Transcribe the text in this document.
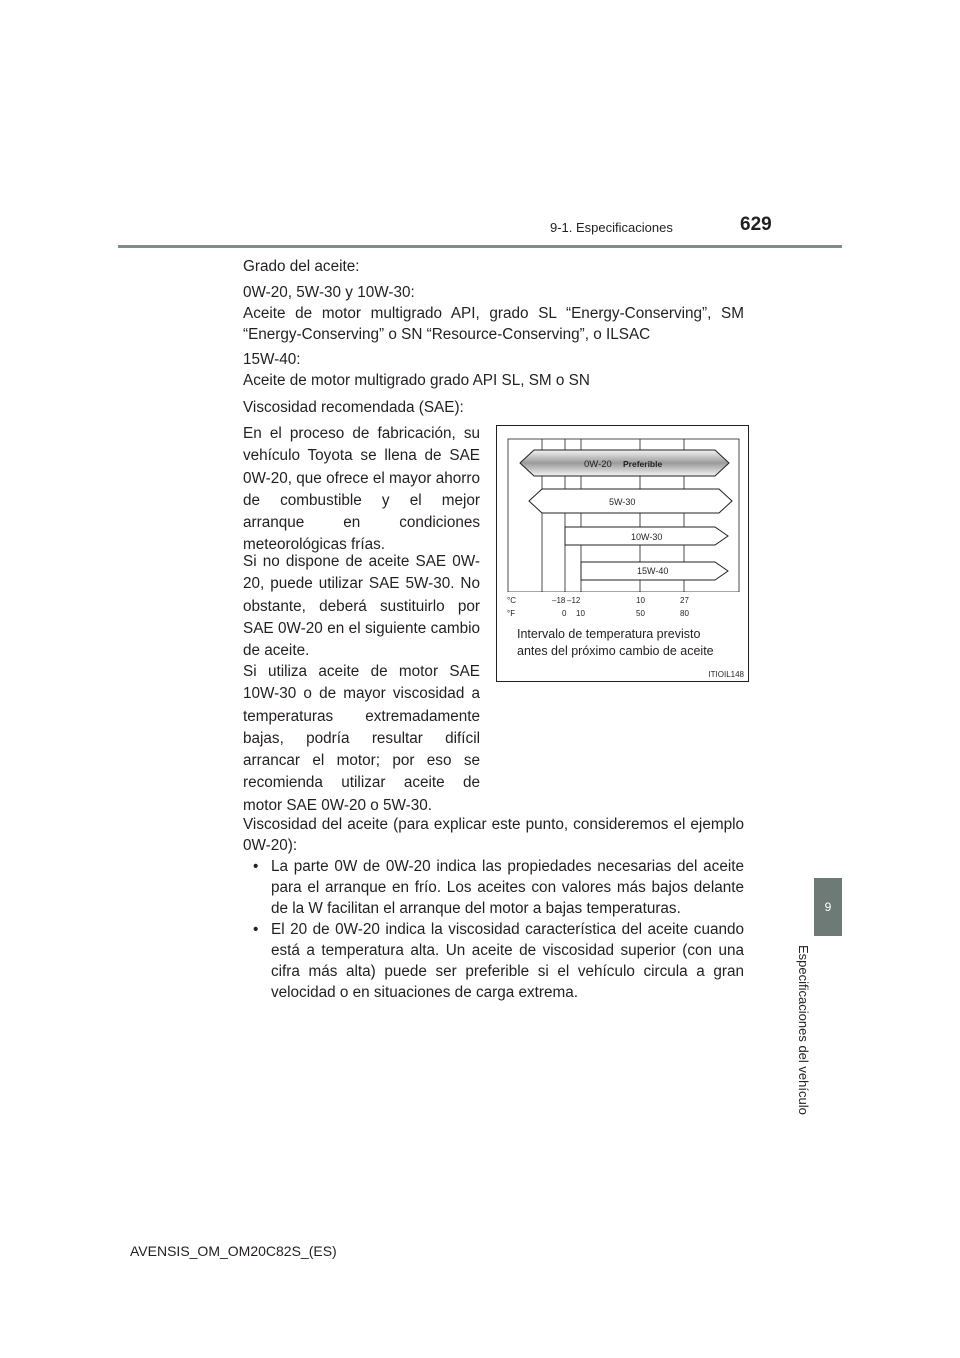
9-1. Especificaciones	629
9
Especificaciones del vehículo
Grado del aceite:
0W-20, 5W-30 y 10W-30:
Aceite de motor multigrado API, grado SL “Energy-Conserving”, SM “Energy-Conserving” o SN “Resource-Conserving”, o ILSAC
15W-40:
Aceite de motor multigrado grado API SL, SM o SN
Viscosidad recomendada (SAE):
En el proceso de fabricación, su vehículo Toyota se llena de SAE 0W-20, que ofrece el mayor ahorro de combustible y el mejor arranque en condiciones meteorológicas frías.
Si no dispone de aceite SAE 0W-20, puede utilizar SAE 5W-30. No obstante, deberá sustituirlo por SAE 0W-20 en el siguiente cambio de aceite.
Si utiliza aceite de motor SAE 10W-30 o de mayor viscosidad a temperaturas extremadamente bajas, podría resultar difícil arrancar el motor; por eso se recomienda utilizar aceite de motor SAE 0W-20 o 5W-30.
Viscosidad del aceite (para explicar este punto, consideremos el ejemplo 0W-20):
• La parte 0W de 0W-20 indica las propiedades necesarias del aceite para el arranque en frío. Los aceites con valores más bajos delante de la W facilitan el arranque del motor a bajas temperaturas.
• El 20 de 0W-20 indica la viscosidad característica del aceite cuando está a temperatura alta. Un aceite de viscosidad superior (con una cifra más alta) puede ser preferible si el vehículo circula a gran velocidad o en situaciones de carga extrema.
0W-20 Preferible
5W-30
10W-30
15W-40
°C
°F
–18 –12	10	27
0 10	50	80
Intervalo de temperatura previsto antes del próximo cambio de aceite
ITIOIL148
AVENSIS_OM_OM20C82S_(ES)
